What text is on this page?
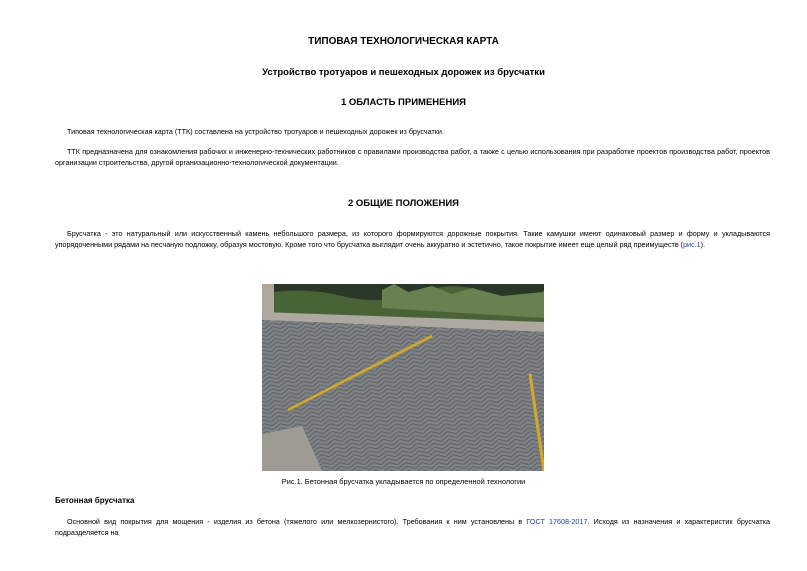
ТИПОВАЯ ТЕХНОЛОГИЧЕСКАЯ КАРТА
Устройство тротуаров и пешеходных дорожек из брусчатки
1 ОБЛАСТЬ ПРИМЕНЕНИЯ
Типовая технологическая карта (ТТК) составлена на устройство тротуаров и пешеходных дорожек из брусчатки.
ТТК предназначена для ознакомления рабочих и инженерно-технических работников с правилами производства работ, а также с целью использования при разработке проектов производства работ, проектов организации строительства, другой организационно-технологической документации.
2 ОБЩИЕ ПОЛОЖЕНИЯ
Брусчатка - это натуральный или искусственный камень небольшого размера, из которого формируются дорожные покрытия. Такие камушки имеют одинаковый размер и форму и укладываются упорядоченными рядами на песчаную подложку, образуя мостовую. Кроме того что брусчатка выглядит очень аккуратно и эстетично, такое покрытие имеет еще целый ряд преимуществ (рис.1).
Рис.1. Бетонная брусчатка укладывается по определенной технологии
Бетонная брусчатка
Основной вид покрытия для мощения - изделия из бетона (тяжелого или мелкозернистого). Требования к ним установлены в ГОСТ 17608-2017. Исходя из назначения и характеристик брусчатка подразделяется на
